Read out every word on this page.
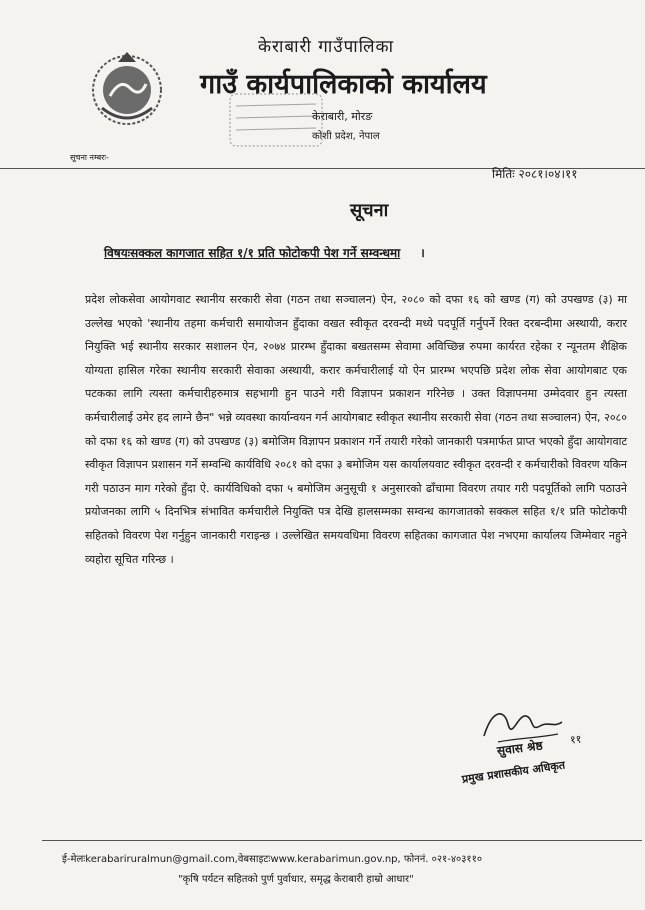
केराबारी गाउँपालिका
गाउँ कार्यपालिकाको कार्यालय
केराबारी, मोरङ
कोशी प्रदेश, नेपाल
सूचना नम्बरः-
मितिः २०८१।०४।११
सूचना
विषयःसक्कल कागजात सहित १/१ प्रति फोटोकपी पेश गर्ने सम्वन्धमा ।
प्रदेश लोकसेवा आयोगवाट स्थानीय सरकारी सेवा (गठन तथा सञ्चालन) ऐन, २०८० को दफा १६ को खण्ड (ग) को उपखण्ड (३) मा उल्लेख भएको 'स्थानीय तहमा कर्मचारी समायोजन हुँदाका वखत स्वीकृत दरवन्दी मध्ये पदपूर्ति गर्नुपर्ने रिक्त दरबन्दीमा अस्थायी, करार नियुक्ति भई स्थानीय सरकार सशालन ऐन, २०७४ प्रारम्भ हुँदाका बखतसम्म सेवामा अविच्छिन्न रुपमा कार्यरत रहेका र न्यूनतम शैक्षिक योग्यता हासिल गरेका स्थानीय सरकारी सेवाका अस्थायी, करार कर्मचारीलाई यो ऐन प्रारम्भ भएपछि प्रदेश लोक सेवा आयोगबाट एक पटकका लागि त्यस्ता कर्मचारीहरुमात्र सहभागी हुन पाउने गरी विज्ञापन प्रकाशन गरिनेछ । उक्त विज्ञापनमा उम्मेदवार हुन त्यस्ता कर्मचारीलाई उमेर हद लाग्ने छैन" भन्ने व्यवस्था कार्यान्वयन गर्न आयोगबाट स्वीकृत स्थानीय सरकारी सेवा (गठन तथा सञ्चालन) ऐन, २०८० को दफा १६ को खण्ड (ग) को उपखण्ड (३) बमोजिम विज्ञापन प्रकाशन गर्ने तयारी गरेको जानकारी पत्रमार्फत प्राप्त भएको हुँदा आयोगवाट स्वीकृत विज्ञापन प्रशासन गर्ने सम्वन्धि कार्यविधि २०८१ को दफा ३ बमोजिम यस कार्यालयवाट स्वीकृत दरवन्दी र कर्मचारीको विवरण यकिन गरी पठाउन माग गरेको हुँदा ऐ. कार्यविधिको दफा ५ बमोजिम अनुसूची १ अनुसारको ढाँचामा विवरण तयार गरी पदपूर्तिको लागि पठाउने प्रयोजनका लागि ५ दिनभित्र संभावित कर्मचारीले नियुक्ति पत्र देखि हालसम्मका सम्वन्ध कागजातको सक्कल सहित १/१ प्रति फोटोकपी सहितको विवरण पेश गर्नुहुन जानकारी गराइन्छ । उल्लेखित समयवधिमा विवरण सहितका कागजात पेश नभएमा कार्यालय जिम्मेवार नहुने व्यहोरा सूचित गरिन्छ ।
सुवास श्रेष्ठ ११
प्रमुख प्रशासकीय अधिकृत
ई-मेलःkerabariruralmun@gmail.com,वेबसाइटःwww.kerabarimun.gov.np, फोननं. ०२१-४०३११०
"कृषि पर्यटन सहितको पुर्ण पुर्वाधार, समृद्ध केराबारी हाम्रो आधार"
